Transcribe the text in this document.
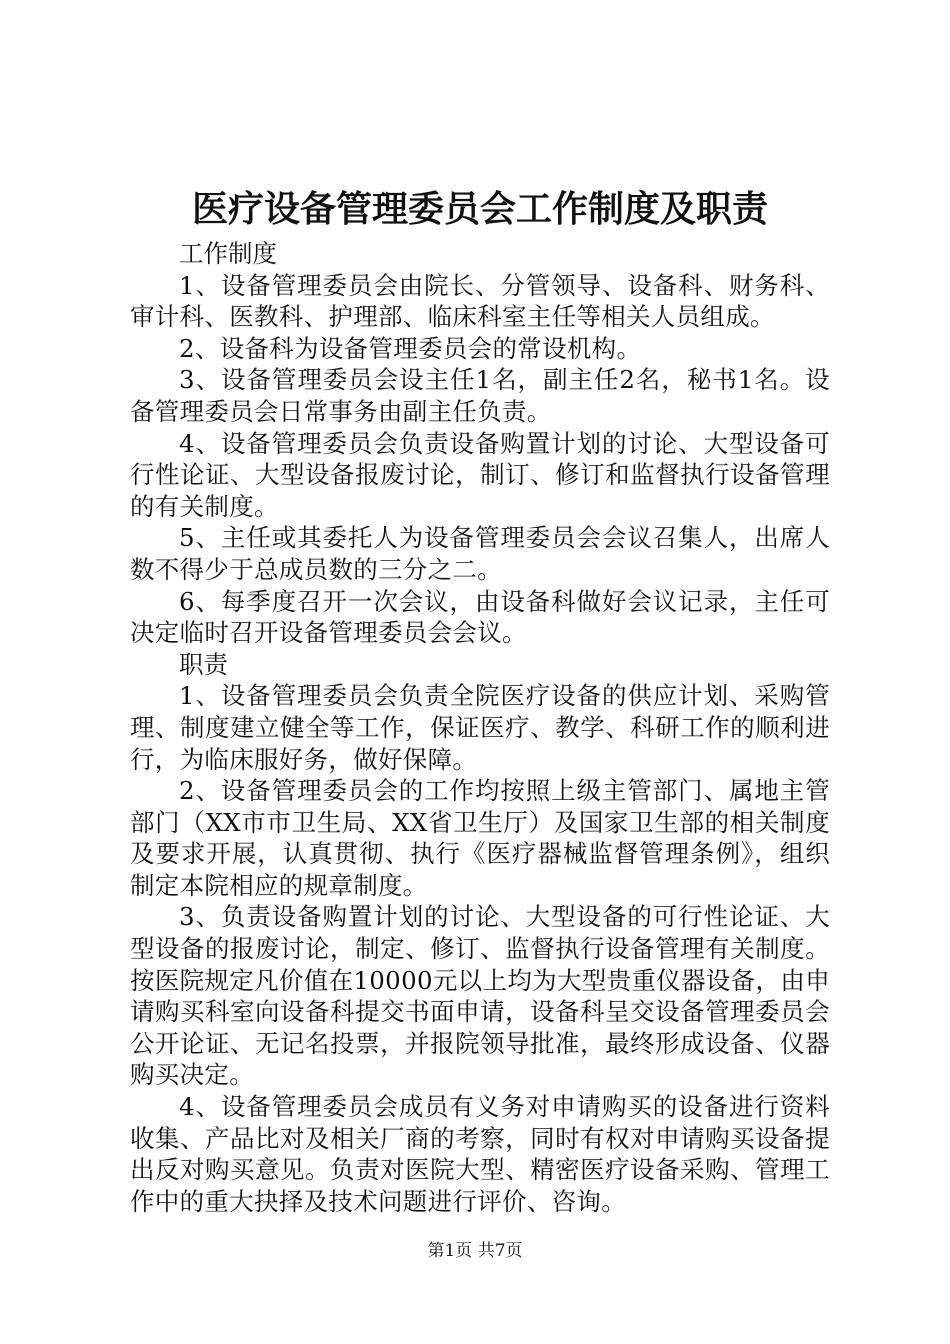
医疗设备管理委员会工作制度及职责

工作制度

1、设备管理委员会由院长、分管领导、设备科、财务科、审计科、医教科、护理部、临床科室主任等相关人员组成。

2、设备科为设备管理委员会的常设机构。

3、设备管理委员会设主任1名，副主任2名，秘书1名。设备管理委员会日常事务由副主任负责。

4、设备管理委员会负责设备购置计划的讨论、大型设备可行性论证、大型设备报废讨论，制订、修订和监督执行设备管理的有关制度。

5、主任或其委托人为设备管理委员会会议召集人，出席人数不得少于总成员数的三分之二。

6、每季度召开一次会议，由设备科做好会议记录，主任可决定临时召开设备管理委员会会议。

职责

1、设备管理委员会负责全院医疗设备的供应计划、采购管理、制度建立健全等工作，保证医疗、教学、科研工作的顺利进行，为临床服好务，做好保障。

2、设备管理委员会的工作均按照上级主管部门、属地主管部门（XX市市卫生局、XX省卫生厅）及国家卫生部的相关制度及要求开展，认真贯彻、执行《医疗器械监督管理条例》，组织制定本院相应的规章制度。

3、负责设备购置计划的讨论、大型设备的可行性论证、大型设备的报废讨论，制定、修订、监督执行设备管理有关制度。按医院规定凡价值在10000元以上均为大型贵重仪器设备，由申请购买科室向设备科提交书面申请，设备科呈交设备管理委员会公开论证、无记名投票，并报院领导批准，最终形成设备、仪器购买决定。

4、设备管理委员会成员有义务对申请购买的设备进行资料收集、产品比对及相关厂商的考察，同时有权对申请购买设备提出反对购买意见。负责对医院大型、精密医疗设备采购、管理工作中的重大抉择及技术问题进行评价、咨询。

第1页 共7页
